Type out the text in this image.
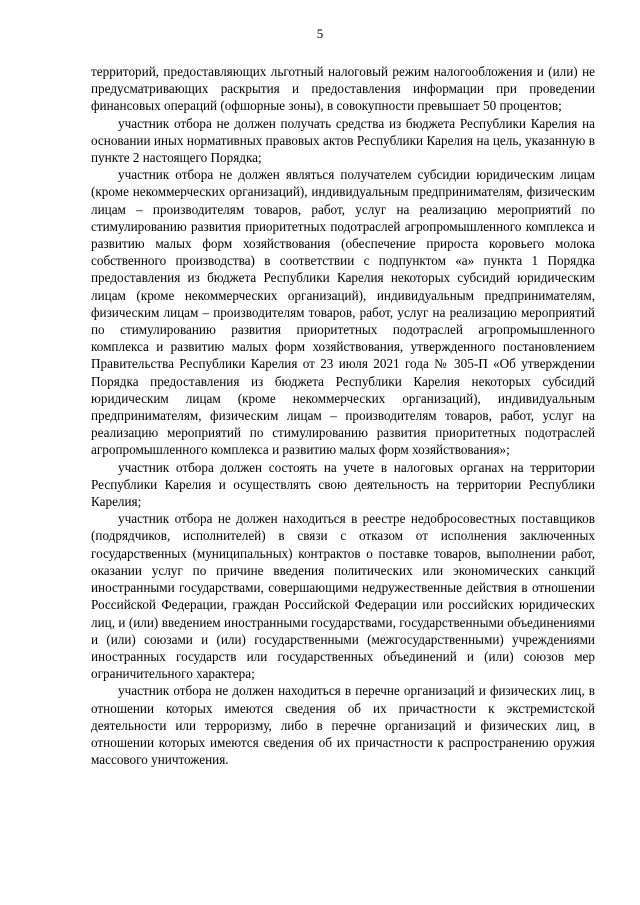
5

территорий, предоставляющих льготный налоговый режим налогообложения и (или) не предусматривающих раскрытия и предоставления информации при проведении финансовых операций (офшорные зоны), в совокупности превышает 50 процентов;

участник отбора не должен получать средства из бюджета Республики Карелия на основании иных нормативных правовых актов Республики Карелия на цель, указанную в пункте 2 настоящего Порядка;

участник отбора не должен являться получателем субсидии юридическим лицам (кроме некоммерческих организаций), индивидуальным предпринимателям, физическим лицам – производителям товаров, работ, услуг на реализацию мероприятий по стимулированию развития приоритетных подотраслей агропромышленного комплекса и развитию малых форм хозяйствования (обеспечение прироста коровьего молока собственного производства) в соответствии с подпунктом «а» пункта 1 Порядка предоставления из бюджета Республики Карелия некоторых субсидий юридическим лицам (кроме некоммерческих организаций), индивидуальным предпринимателям, физическим лицам – производителям товаров, работ, услуг на реализацию мероприятий по стимулированию развития приоритетных подотраслей агропромышленного комплекса и развитию малых форм хозяйствования, утвержденного постановлением Правительства Республики Карелия от 23 июля 2021 года № 305-П «Об утверждении Порядка предоставления из бюджета Республики Карелия некоторых субсидий юридическим лицам (кроме некоммерческих организаций), индивидуальным предпринимателям, физическим лицам – производителям товаров, работ, услуг на реализацию мероприятий по стимулированию развития приоритетных подотраслей агропромышленного комплекса и развитию малых форм хозяйствования»;

участник отбора должен состоять на учете в налоговых органах на территории Республики Карелия и осуществлять свою деятельность на территории Республики Карелия;

участник отбора не должен находиться в реестре недобросовестных поставщиков (подрядчиков, исполнителей) в связи с отказом от исполнения заключенных государственных (муниципальных) контрактов о поставке товаров, выполнении работ, оказании услуг по причине введения политических или экономических санкций иностранными государствами, совершающими недружественные действия в отношении Российской Федерации, граждан Российской Федерации или российских юридических лиц, и (или) введением иностранными государствами, государственными объединениями и (или) союзами и (или) государственными (межгосударственными) учреждениями иностранных государств или государственных объединений и (или) союзов мер ограничительного характера;

участник отбора не должен находиться в перечне организаций и физических лиц, в отношении которых имеются сведения об их причастности к экстремистской деятельности или терроризму, либо в перечне организаций и физических лиц, в отношении которых имеются сведения об их причастности к распространению оружия массового уничтожения.
